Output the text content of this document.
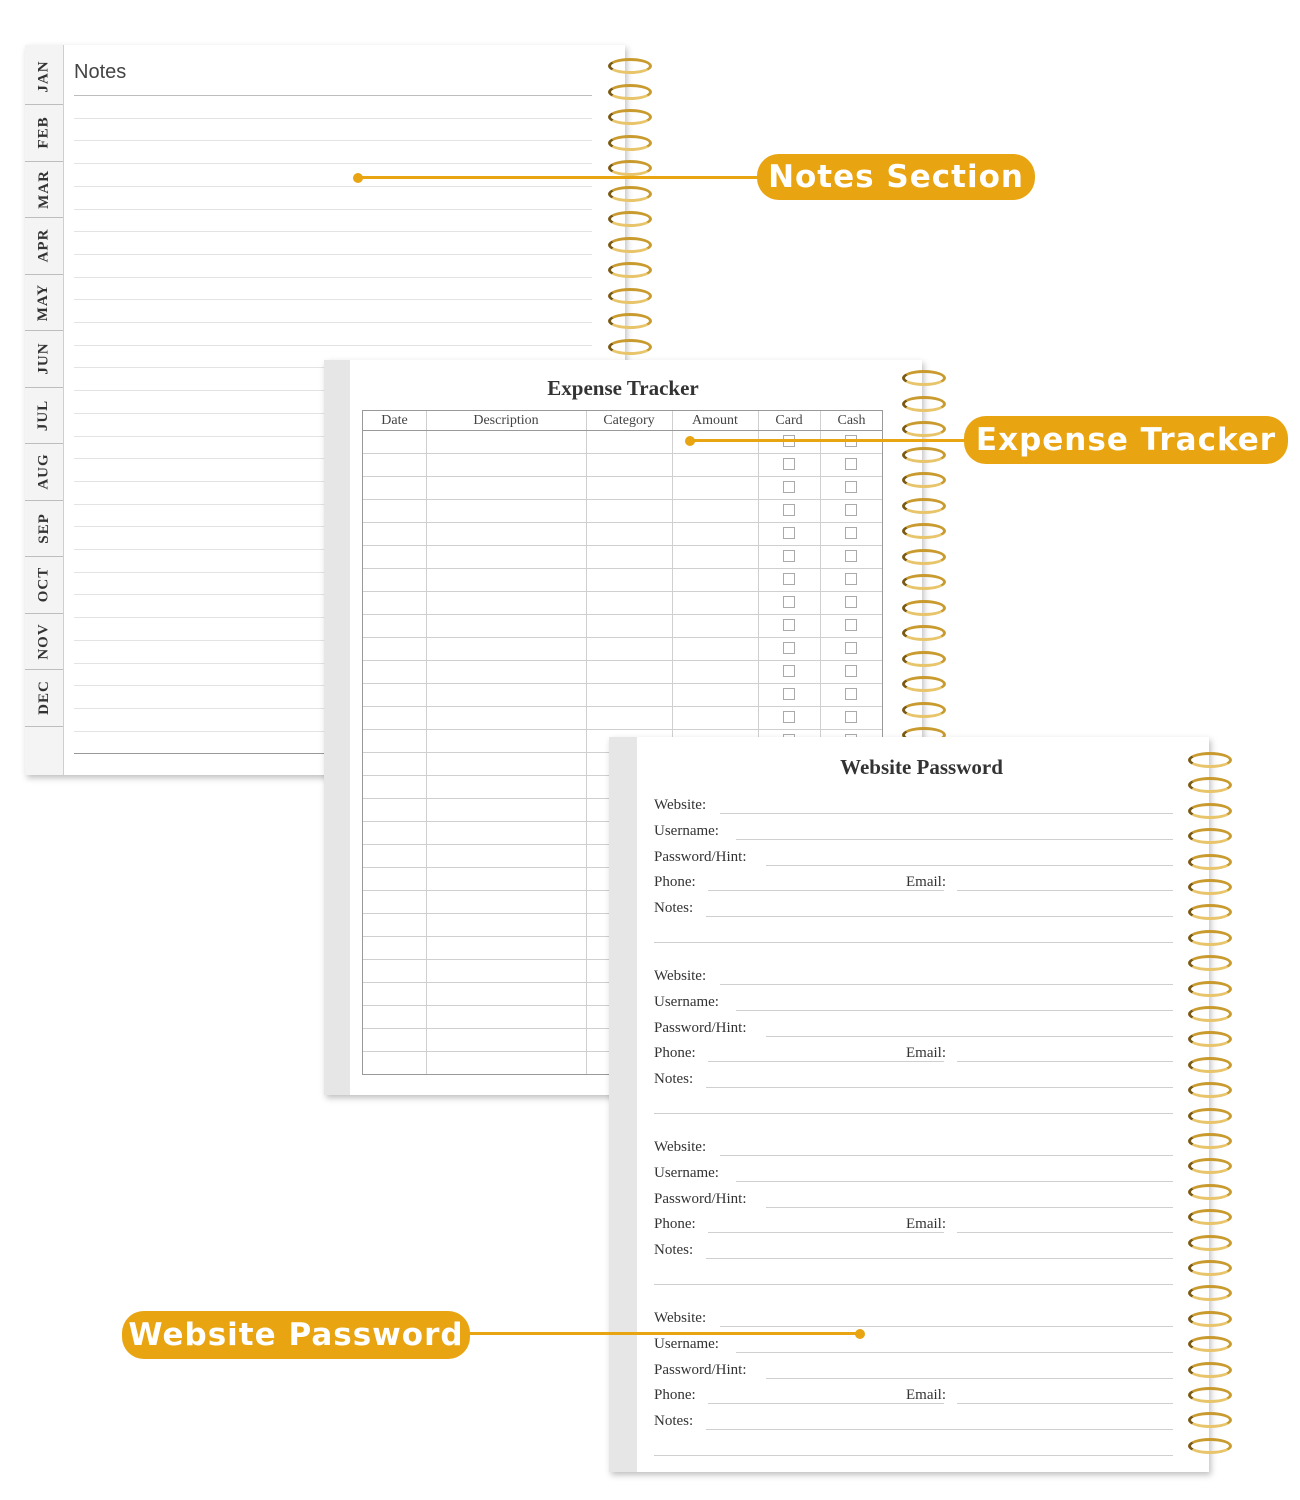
JAN
FEB
MAR
APR
MAY
JUN
JUL
AUG
SEP
OCT
NOV
DEC
Notes
Expense Tracker
Date	Description	Category	Amount	Card	Cash
Website Password
Website:
Username:
Password/Hint:
Phone:	Email:
Notes:
Website:
Username:
Password/Hint:
Phone:	Email:
Notes:
Website:
Username:
Password/Hint:
Phone:	Email:
Notes:
Website:
Username:
Password/Hint:
Phone:	Email:
Notes:
Notes Section
Expense Tracker
Website Password
